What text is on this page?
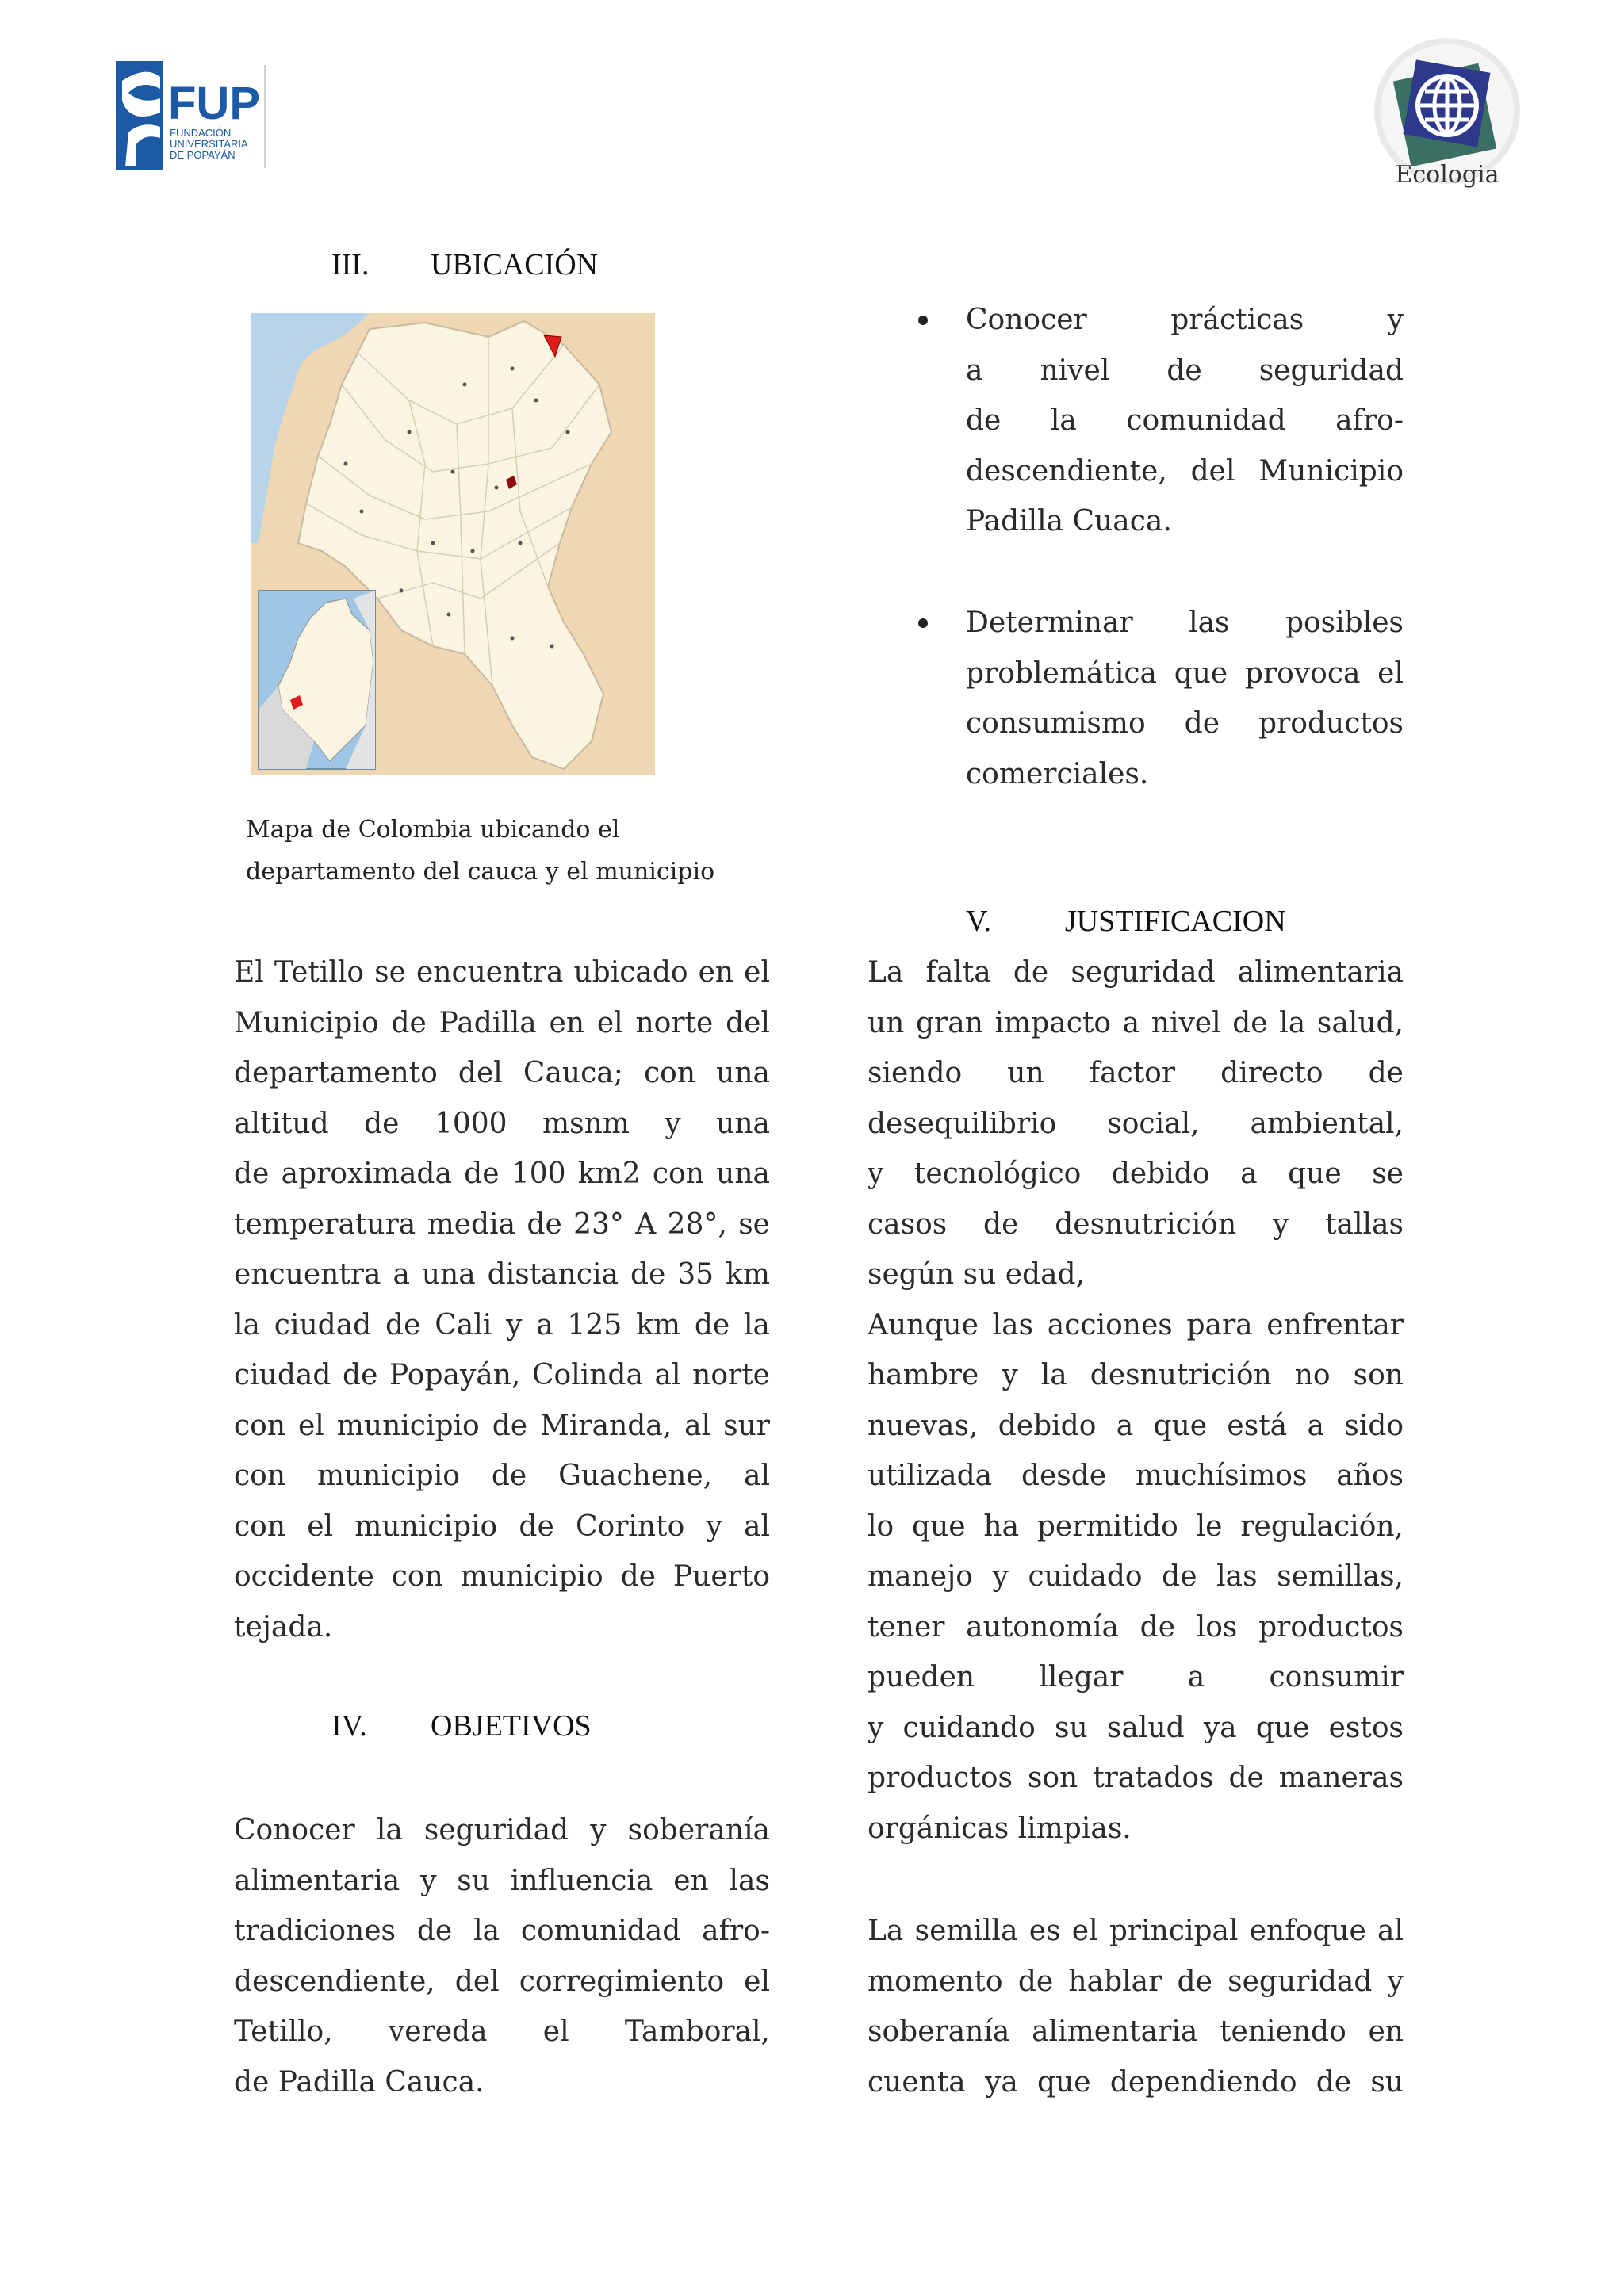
FUP
FUNDACIÓN
UNIVERSITARIA
DE POPAYÁN
Ecologia
III. UBICACIÓN
Mapa de Colombia ubicando el
departamento del cauca y el municipio
El Tetillo se encuentra ubicado en el
Municipio de Padilla en el norte del
departamento del Cauca; con una
altitud de 1000 msnm y una
de aproximada de 100 km2 con una
temperatura media de 23° A 28°, se
encuentra a una distancia de 35 km
la ciudad de Cali y a 125 km de la
ciudad de Popayán, Colinda al norte
con el municipio de Miranda, al sur
con municipio de Guachene, al
con el municipio de Corinto y al
occidente con municipio de Puerto
tejada.
IV. OBJETIVOS
Conocer la seguridad y soberanía
alimentaria y su influencia en las
tradiciones de la comunidad afro-
descendiente, del corregimiento el
Tetillo, vereda el Tamboral,
de Padilla Cauca.
Conocer prácticas y
a nivel de seguridad
de la comunidad afro-
descendiente, del Municipio
Padilla Cuaca.
Determinar las posibles
problemática que provoca el
consumismo de productos
comerciales.
V. JUSTIFICACION
La falta de seguridad alimentaria
un gran impacto a nivel de la salud,
siendo un factor directo de
desequilibrio social, ambiental,
y tecnológico debido a que se
casos de desnutrición y tallas
según su edad,
Aunque las acciones para enfrentar
hambre y la desnutrición no son
nuevas, debido a que está a sido
utilizada desde muchísimos años
lo que ha permitido le regulación,
manejo y cuidado de las semillas,
tener autonomía de los productos
pueden llegar a consumir
y cuidando su salud ya que estos
productos son tratados de maneras
orgánicas limpias.
La semilla es el principal enfoque al
momento de hablar de seguridad y
soberanía alimentaria teniendo en
cuenta ya que dependiendo de su
